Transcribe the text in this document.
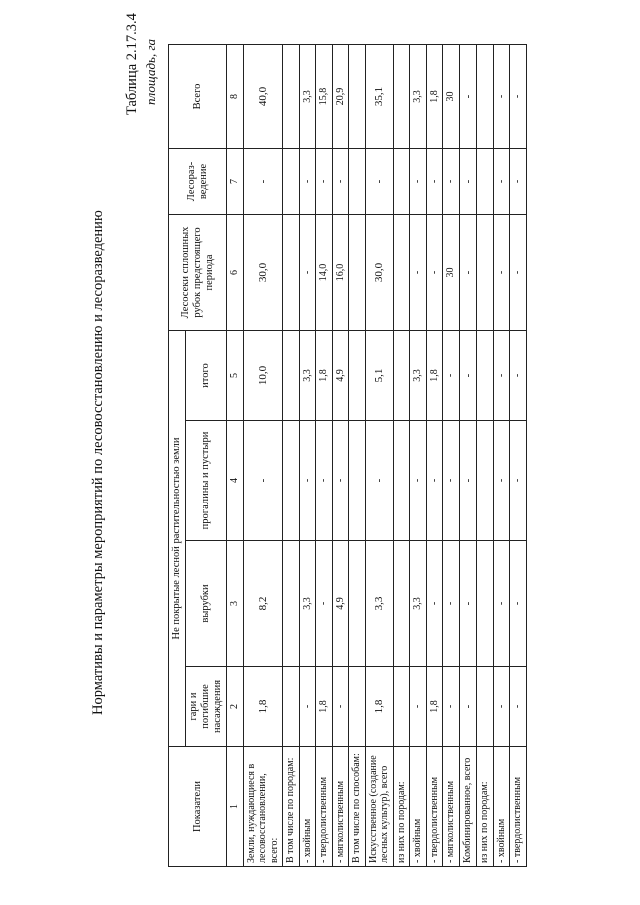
Нормативы и параметры мероприятий по лесовосстановлению и лесоразведению
Таблица 2.17.3.4 площадь, га
Показатели	Не покрытые лесной растительностью земли				Лесосеки сплошных рубок предстоящего периода	Лесораз-ведение	Всего
	гари и погибшие насаждения	вырубки	прогалины и пустыри	итого			
1	2	3	4	5	6	7	8
Земли, нуждающиеся в лесовосстановлении, всего:	1,8	8,2	-	10,0	30,0	-	40,0
В том числе по породам:							
- хвойным	-	3,3	-	3,3	-	-	3,3
- твердолиственным	1,8	-	-	1,8	14,0	-	15,8
- мягколиственным	-	4,9	-	4,9	16,0	-	20,9
В том числе по способам:							
Искусственное (создание лесных культур), всего	1,8	3,3	-	5,1	30,0	-	35,1
из них по породам:							
- хвойным	-	3,3	-	3,3	-	-	3,3
- твердолиственным	1,8	-	-	1,8	-	-	1,8
- мягколиственным	-	-	-	-	30	-	30
Комбинированное, всего	-	-	-	-	-	-	-
из них по породам:							
- хвойным	-	-	-	-	-	-	-
- твердолиственным	-	-	-	-	-	-	-
